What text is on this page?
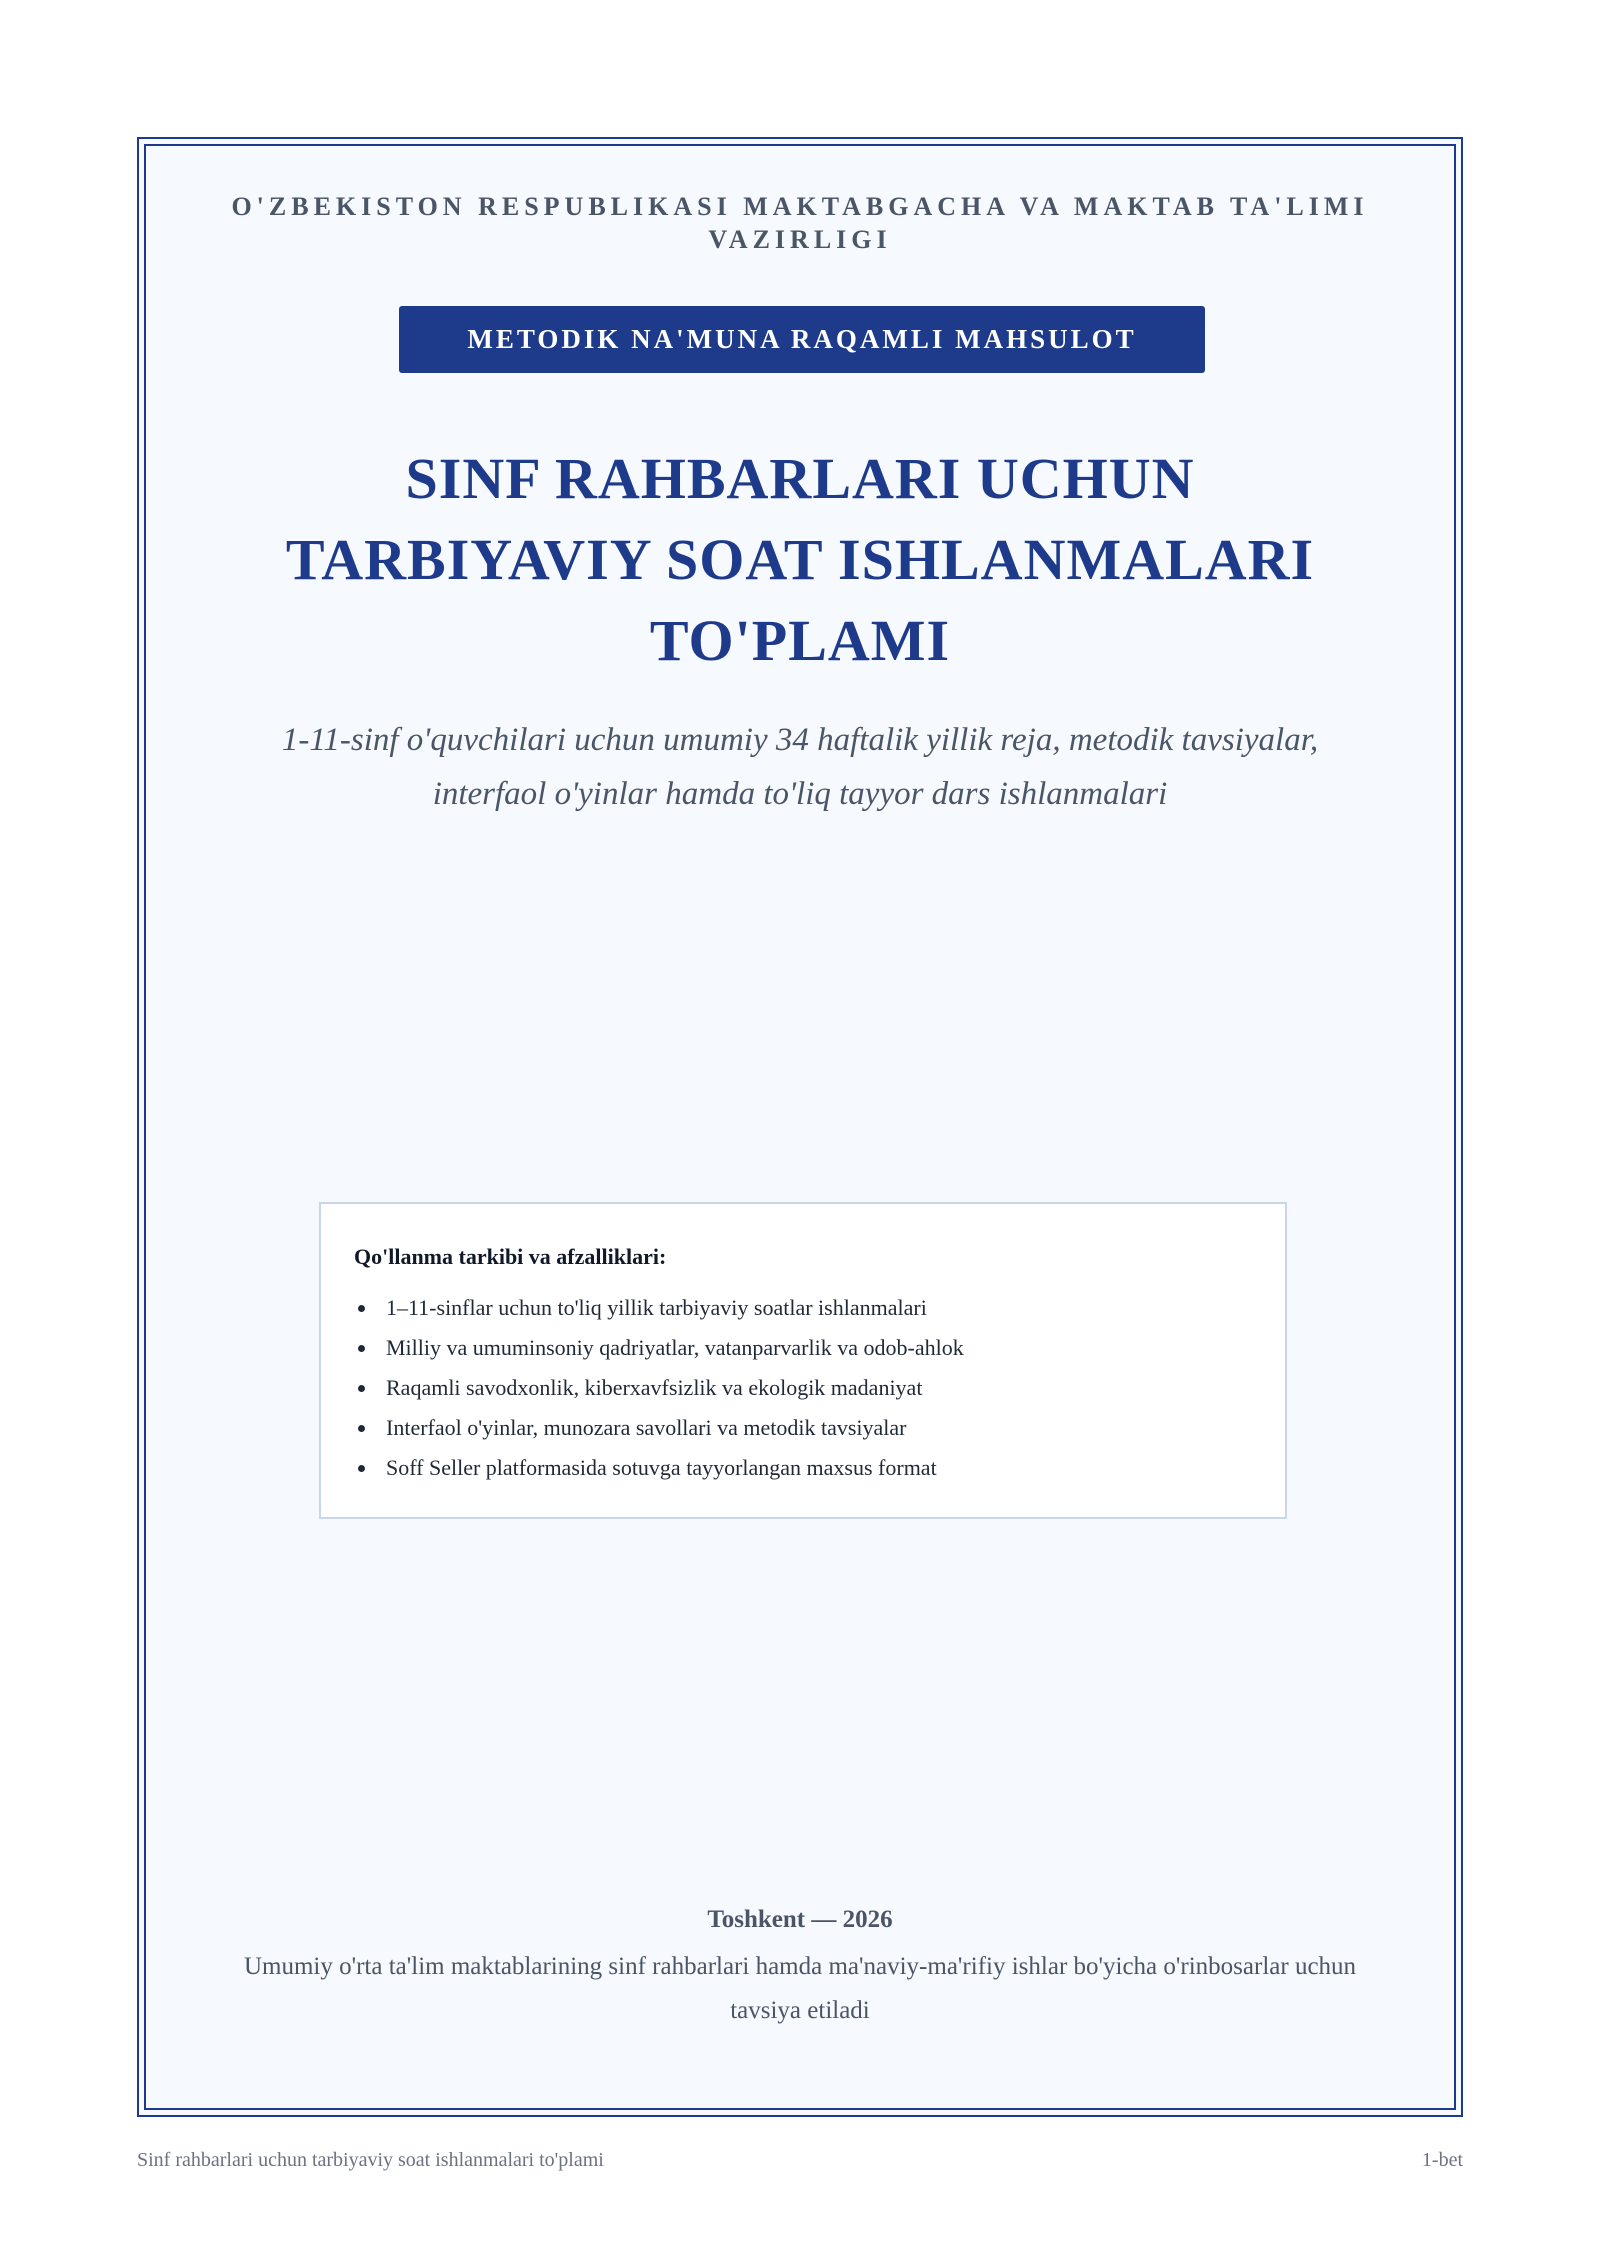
O'ZBEKISTON RESPUBLIKASI MAKTABGACHA VA MAKTAB TA'LIMI
VAZIRLIGI
METODIK NA'MUNA RAQAMLI MAHSULOT
SINF RAHBARLARI UCHUN
TARBIYAVIY SOAT ISHLANMALARI
TO'PLAMI
1-11-sinf o'quvchilari uchun umumiy 34 haftalik yillik reja, metodik tavsiyalar,
interfaol o'yinlar hamda to'liq tayyor dars ishlanmalari
Qo'llanma tarkibi va afzalliklari:
1–11-sinflar uchun to'liq yillik tarbiyaviy soatlar ishlanmalari
Milliy va umuminsoniy qadriyatlar, vatanparvarlik va odob-ahlok
Raqamli savodxonlik, kiberxavfsizlik va ekologik madaniyat
Interfaol o'yinlar, munozara savollari va metodik tavsiyalar
Soff Seller platformasida sotuvga tayyorlangan maxsus format
Toshkent — 2026
Umumiy o'rta ta'lim maktablarining sinf rahbarlari hamda ma'naviy-ma'rifiy ishlar bo'yicha o'rinbosarlar uchun
tavsiya etiladi
Sinf rahbarlari uchun tarbiyaviy soat ishlanmalari to'plami	1-bet
